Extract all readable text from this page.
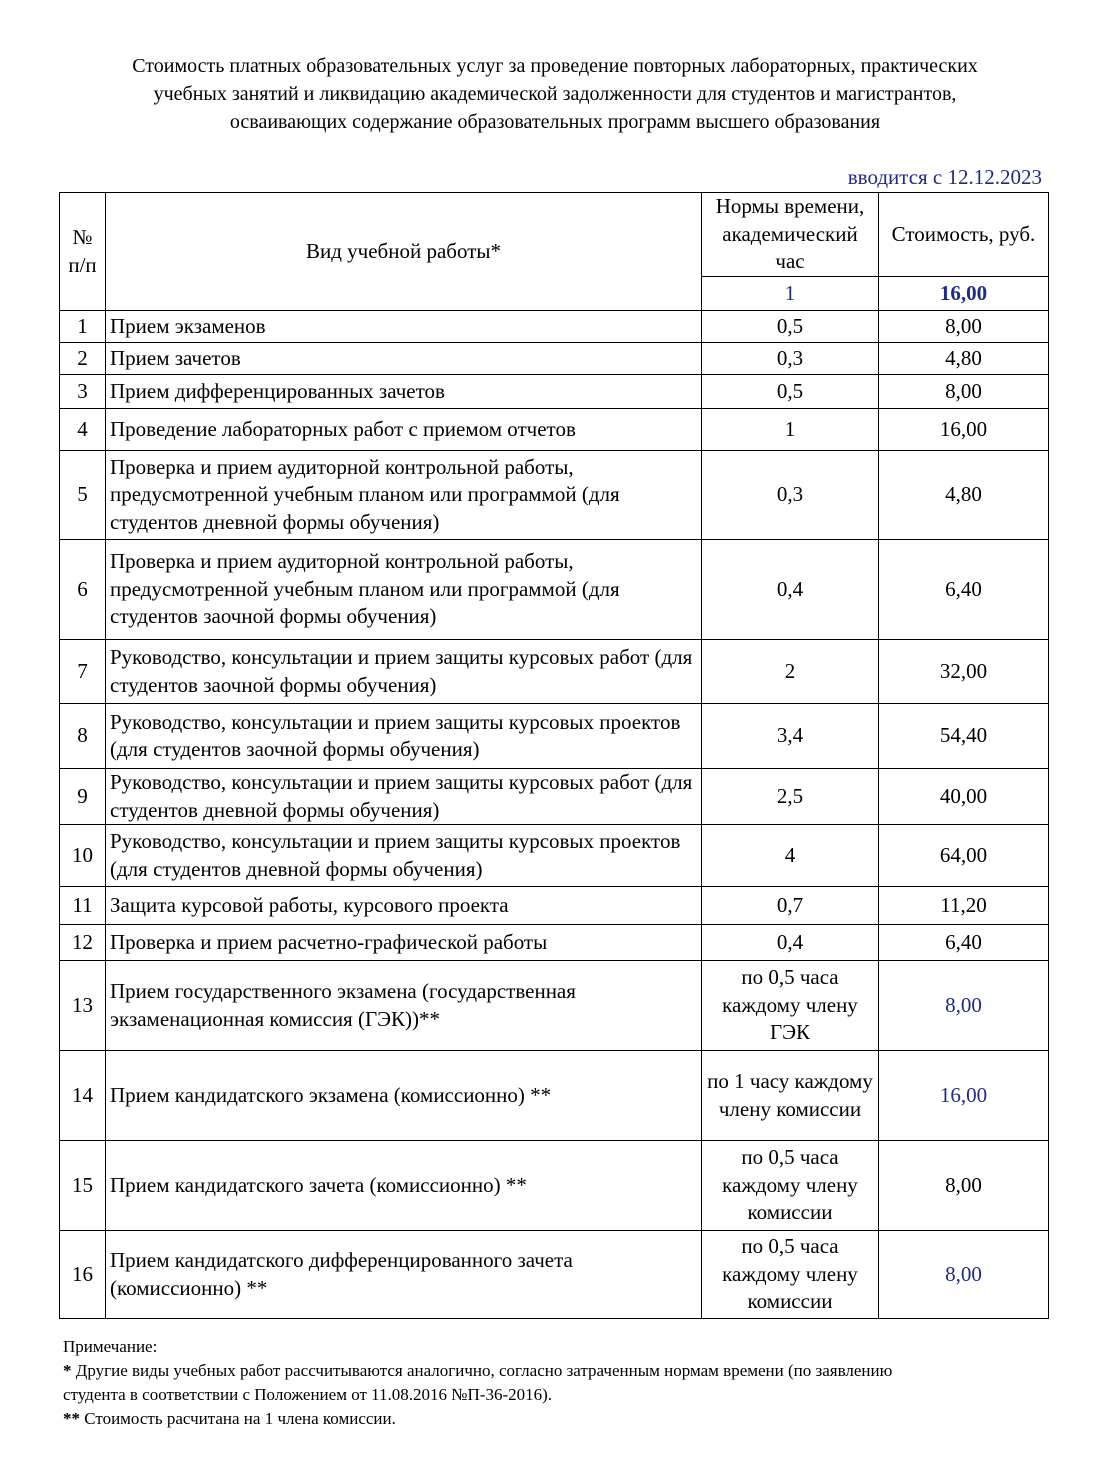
Стоимость платных образовательных услуг за проведение повторных лабораторных, практических
учебных занятий и ликвидацию академической задолженности для студентов и магистрантов,
осваивающих содержание образовательных программ высшего образования
вводится с 12.12.2023
№ п/п	Вид учебной работы*	Нормы времени, академический час	Стоимость, руб.
		1	16,00
1	Прием экзаменов	0,5	8,00
2	Прием зачетов	0,3	4,80
3	Прием дифференцированных зачетов	0,5	8,00
4	Проведение лабораторных работ с приемом отчетов	1	16,00
5	Проверка и прием аудиторной контрольной работы, предусмотренной учебным планом или программой (для студентов дневной формы обучения)	0,3	4,80
6	Проверка и прием аудиторной контрольной работы, предусмотренной учебным планом или программой (для студентов заочной формы обучения)	0,4	6,40
7	Руководство, консультации и прием защиты курсовых работ (для студентов заочной формы обучения)	2	32,00
8	Руководство, консультации и прием защиты курсовых проектов (для студентов заочной формы обучения)	3,4	54,40
9	Руководство, консультации и прием защиты курсовых работ (для студентов дневной формы обучения)	2,5	40,00
10	Руководство, консультации и прием защиты курсовых проектов (для студентов дневной формы обучения)	4	64,00
11	Защита курсовой работы, курсового проекта	0,7	11,20
12	Проверка и прием расчетно-графической работы	0,4	6,40
13	Прием государственного экзамена (государственная экзаменационная комиссия (ГЭК))**	по 0,5 часа каждому члену ГЭК	8,00
14	Прием кандидатского экзамена (комиссионно) **	по 1 часу каждому члену комиссии	16,00
15	Прием кандидатского зачета (комиссионно) **	по 0,5 часа каждому члену комиссии	8,00
16	Прием кандидатского дифференцированного зачета (комиссионно) **	по 0,5 часа каждому члену комиссии	8,00
Примечание:
* Другие виды учебных работ рассчитываются аналогично, согласно затраченным нормам времени (по заявлению
студента в соответствии с Положением от 11.08.2016 №П-36-2016).
** Стоимость расчитана на 1 члена комиссии.
